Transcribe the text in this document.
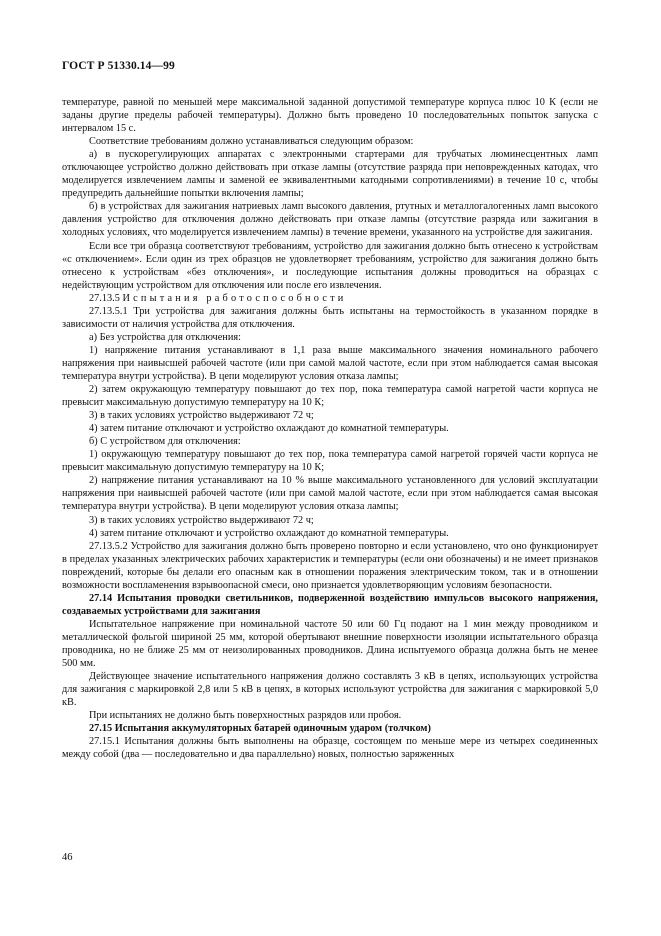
ГОСТ Р 51330.14—99

температуре, равной по меньшей мере максимальной заданной допустимой температуре корпуса плюс 10 К (если не заданы другие пределы рабочей температуры). Должно быть проведено 10 последовательных попыток запуска с интервалом 15 с.

Соответствие требованиям должно устанавливаться следующим образом:

а) в пускорегулирующих аппаратах с электронными стартерами для трубчатых люминесцентных ламп отключающее устройство должно действовать при отказе лампы (отсутствие разряда при неповрежденных катодах, что моделируется извлечением лампы и заменой ее эквивалентными катодными сопротивлениями) в течение 10 с, чтобы предупредить дальнейшие попытки включения лампы;

б) в устройствах для зажигания натриевых ламп высокого давления, ртутных и металлогалогенных ламп высокого давления устройство для отключения должно действовать при отказе лампы (отсутствие разряда или зажигания в холодных условиях, что моделируется извлечением лампы) в течение времени, указанного на устройстве для зажигания.

Если все три образца соответствуют требованиям, устройство для зажигания должно быть отнесено к устройствам «с отключением». Если один из трех образцов не удовлетворяет требованиям, устройство для зажигания должно быть отнесено к устройствам «без отключения», и последующие испытания должны проводиться на образцах с недействующим устройством для отключения или после его извлечения.

27.13.5 Испытания работоспособности

27.13.5.1 Три устройства для зажигания должны быть испытаны на термостойкость в указанном порядке в зависимости от наличия устройства для отключения.

а) Без устройства для отключения:

1) напряжение питания устанавливают в 1,1 раза выше максимального значения номинального рабочего напряжения при наивысшей рабочей частоте (или при самой малой частоте, если при этом наблюдается самая высокая температура внутри устройства). В цепи моделируют условия отказа лампы;

2) затем окружающую температуру повышают до тех пор, пока температура самой нагретой части корпуса не превысит максимальную допустимую температуру на 10 К;

3) в таких условиях устройство выдерживают 72 ч;

4) затем питание отключают и устройство охлаждают до комнатной температуры.

б) С устройством для отключения:

1) окружающую температуру повышают до тех пор, пока температура самой нагретой горячей части корпуса не превысит максимальную допустимую температуру на 10 К;

2) напряжение питания устанавливают на 10 % выше максимального установленного для условий эксплуатации напряжения при наивысшей рабочей частоте (или при самой малой частоте, если при этом наблюдается самая высокая температура внутри устройства). В цепи моделируют условия отказа лампы;

3) в таких условиях устройство выдерживают 72 ч;

4) затем питание отключают и устройство охлаждают до комнатной температуры.

27.13.5.2 Устройство для зажигания должно быть проверено повторно и если установлено, что оно функционирует в пределах указанных электрических рабочих характеристик и температуры (если они обозначены) и не имеет признаков повреждений, которые бы делали его опасным как в отношении поражения электрическим током, так и в отношении возможности воспламенения взрывоопасной смеси, оно признается удовлетворяющим условиям безопасности.

27.14 Испытания проводки светильников, подверженной воздействию импульсов высокого напряжения, создаваемых устройствами для зажигания

Испытательное напряжение при номинальной частоте 50 или 60 Гц подают на 1 мин между проводником и металлической фольгой шириной 25 мм, которой обертывают внешние поверхности изоляции испытательного образца проводника, но не ближе 25 мм от неизолированных проводников. Длина испытуемого образца должна быть не менее 500 мм.

Действующее значение испытательного напряжения должно составлять 3 кВ в цепях, использующих устройства для зажигания с маркировкой 2,8 или 5 кВ в цепях, в которых используют устройства для зажигания с маркировкой 5,0 кВ.

При испытаниях не должно быть поверхностных разрядов или пробоя.

27.15 Испытания аккумуляторных батарей одиночным ударом (толчком)

27.15.1 Испытания должны быть выполнены на образце, состоящем по меньше мере из четырех соединенных между собой (два — последовательно и два параллельно) новых, полностью заряженных

46
